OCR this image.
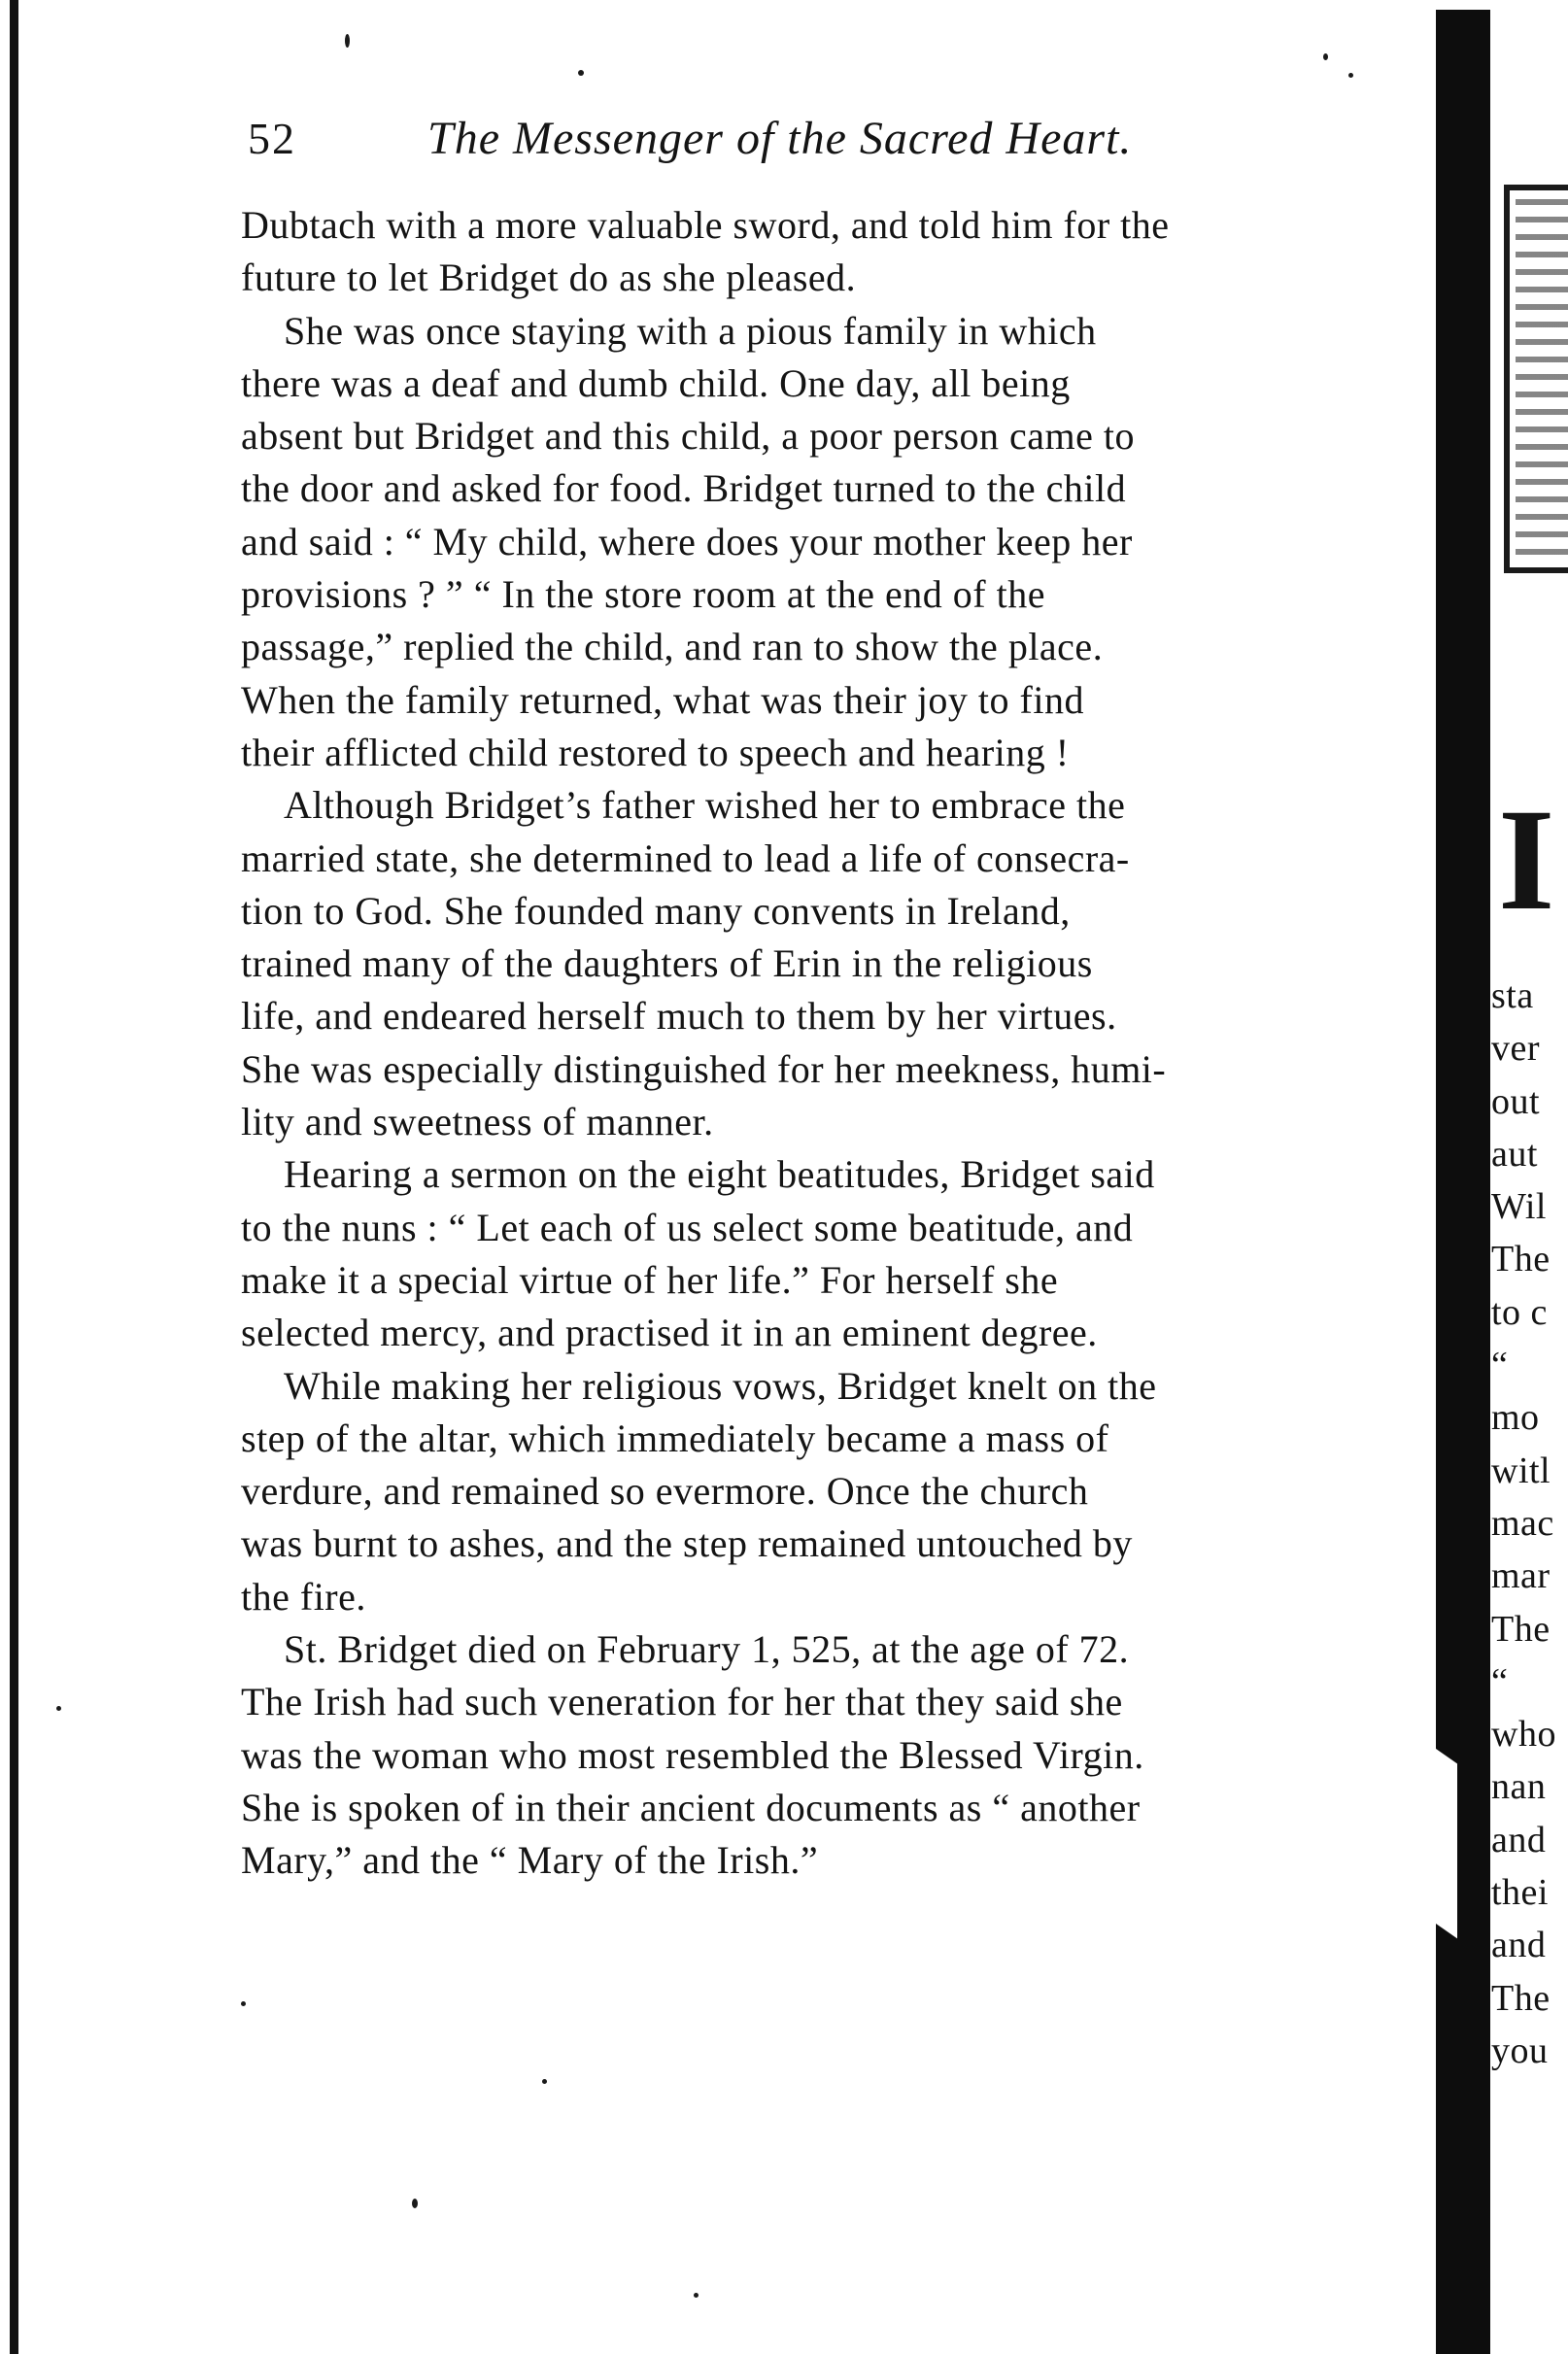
52	The Messenger of the Sacred Heart.
Dubtach with a more valuable sword, and told him for the
future to let Bridget do as she pleased.
She was once staying with a pious family in which
there was a deaf and dumb child. One day, all being
absent but Bridget and this child, a poor person came to
the door and asked for food. Bridget turned to the child
and said : “ My child, where does your mother keep her
provisions ? ” “ In the store room at the end of the
passage,” replied the child, and ran to show the place.
When the family returned, what was their joy to find
their afflicted child restored to speech and hearing !
Although Bridget’s father wished her to embrace the
married state, she determined to lead a life of consecra-
tion to God. She founded many convents in Ireland,
trained many of the daughters of Erin in the religious
life, and endeared herself much to them by her virtues.
She was especially distinguished for her meekness, humi-
lity and sweetness of manner.
Hearing a sermon on the eight beatitudes, Bridget said
to the nuns : “ Let each of us select some beatitude, and
make it a special virtue of her life.” For herself she
selected mercy, and practised it in an eminent degree.
While making her religious vows, Bridget knelt on the
step of the altar, which immediately became a mass of
verdure, and remained so evermore. Once the church
was burnt to ashes, and the step remained untouched by
the fire.
St. Bridget died on February 1, 525, at the age of 72.
The Irish had such veneration for her that they said she
was the woman who most resembled the Blessed Virgin.
She is spoken of in their ancient documents as “ another
Mary,” and the “ Mary of the Irish.”
I
sta
ver
out
aut
Wil
The
to c
“
mo
witl
mac
mar
The
“
who
nan
and
thei
and
The
you
